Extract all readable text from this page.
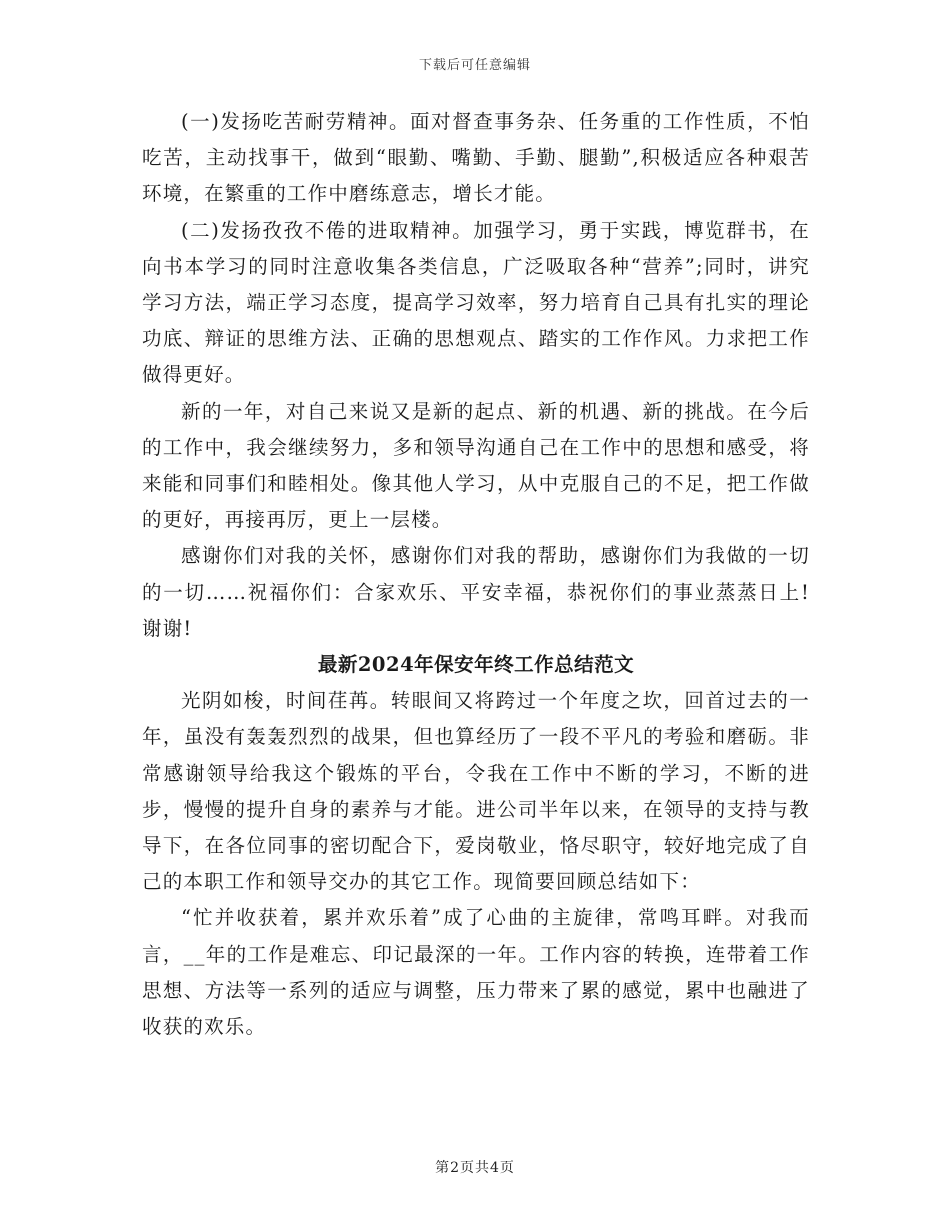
下载后可任意编辑

(一)发扬吃苦耐劳精神。面对督查事务杂、任务重的工作性质，不怕吃苦，主动找事干，做到“眼勤、嘴勤、手勤、腿勤”,积极适应各种艰苦环境，在繁重的工作中磨练意志，增长才能。

(二)发扬孜孜不倦的进取精神。加强学习，勇于实践，博览群书，在向书本学习的同时注意收集各类信息，广泛吸取各种“营养”;同时，讲究学习方法，端正学习态度，提高学习效率，努力培育自己具有扎实的理论功底、辩证的思维方法、正确的思想观点、踏实的工作作风。力求把工作做得更好。

新的一年，对自己来说又是新的起点、新的机遇、新的挑战。在今后的工作中，我会继续努力，多和领导沟通自己在工作中的思想和感受，将来能和同事们和睦相处。像其他人学习，从中克服自己的不足，把工作做的更好，再接再厉，更上一层楼。

感谢你们对我的关怀，感谢你们对我的帮助，感谢你们为我做的一切的一切……祝福你们：合家欢乐、平安幸福，恭祝你们的事业蒸蒸日上!谢谢!

最新2024年保安年终工作总结范文

光阴如梭，时间荏苒。转眼间又将跨过一个年度之坎，回首过去的一年，虽没有轰轰烈烈的战果，但也算经历了一段不平凡的考验和磨砺。非常感谢领导给我这个锻炼的平台，令我在工作中不断的学习，不断的进步，慢慢的提升自身的素养与才能。进公司半年以来，在领导的支持与教导下，在各位同事的密切配合下，爱岗敬业，恪尽职守，较好地完成了自己的本职工作和领导交办的其它工作。现简要回顾总结如下：

“忙并收获着，累并欢乐着”成了心曲的主旋律，常鸣耳畔。对我而言，__年的工作是难忘、印记最深的一年。工作内容的转换，连带着工作思想、方法等一系列的适应与调整，压力带来了累的感觉，累中也融进了收获的欢乐。

第2页共4页
